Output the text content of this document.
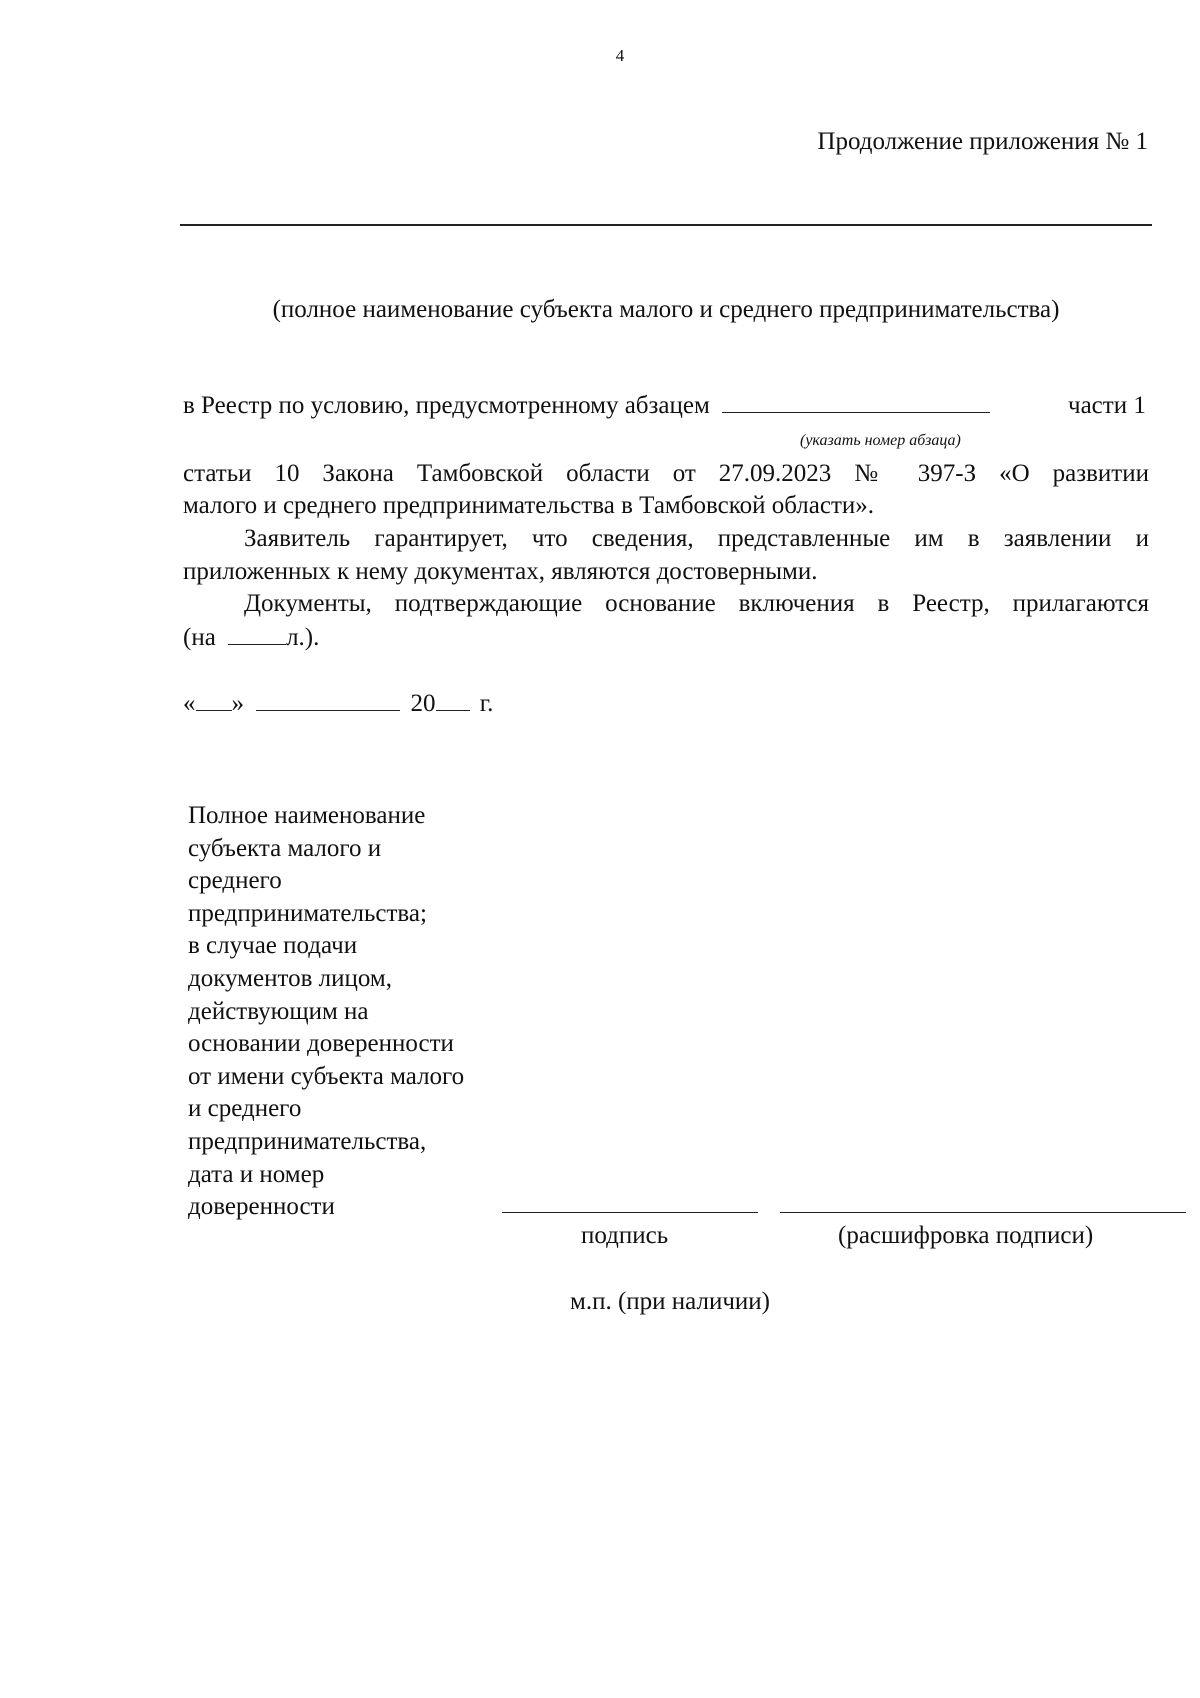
4
Продолжение приложения № 1
(полное наименование субъекта малого и среднего предпринимательства)
в Реестр по условию, предусмотренному абзацем	части 1
(указать номер абзаца)
статьи 10 Закона Тамбовской области от 27.09.2023 № 397-З «О развитии
малого и среднего предпринимательства в Тамбовской области».
Заявитель гарантирует, что сведения, представленные им в заявлении и
приложенных к нему документах, являются достоверными.
Документы, подтверждающие основание включения в Реестр, прилагаются
(на	л.).
« »	20 г.
Полное наименование
субъекта малого и
среднего
предпринимательства;
в случае подачи
документов лицом,
действующим на
основании доверенности
от имени субъекта малого
и среднего
предпринимательства,
дата и номер
доверенности
подпись	(расшифровка подписи)
м.п. (при наличии)
